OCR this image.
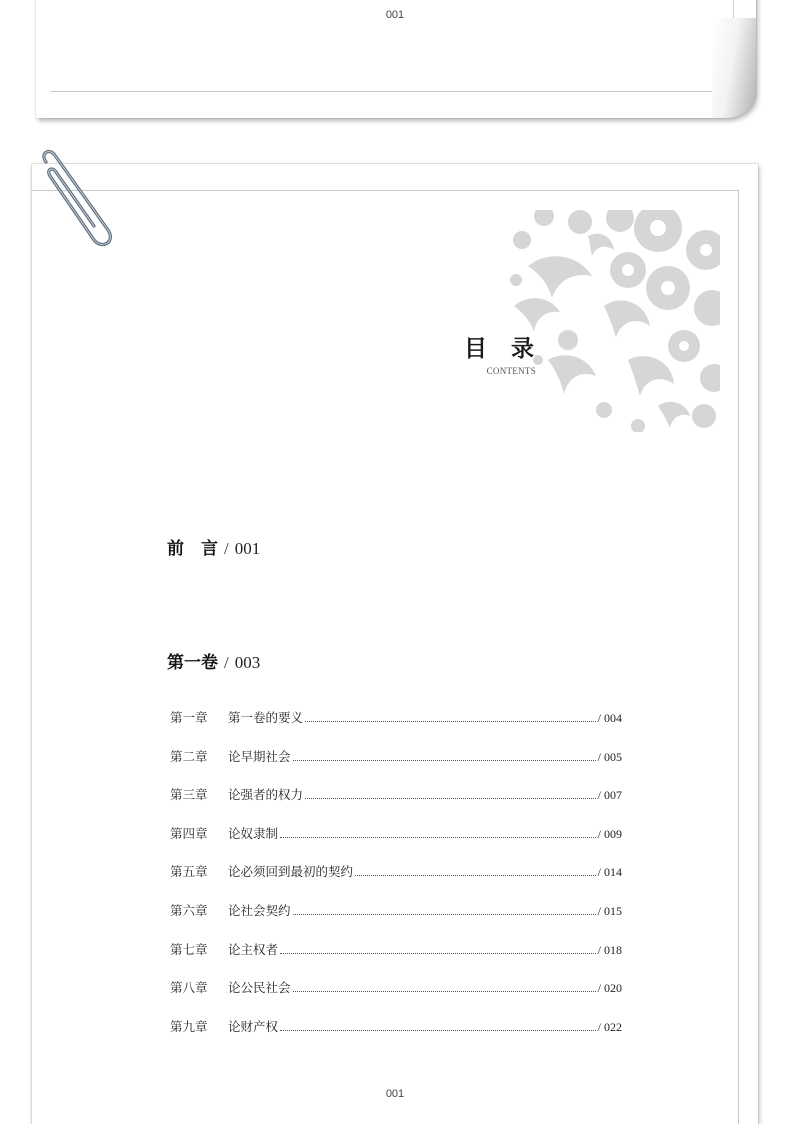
001
目 录
CONTENTS
前　言 / 001
第一卷 / 003
第一章	第一卷的要义	/ 004
第二章	论早期社会	/ 005
第三章	论强者的权力	/ 007
第四章	论奴隶制	/ 009
第五章	论必须回到最初的契约	/ 014
第六章	论社会契约	/ 015
第七章	论主权者	/ 018
第八章	论公民社会	/ 020
第九章	论财产权	/ 022
001
